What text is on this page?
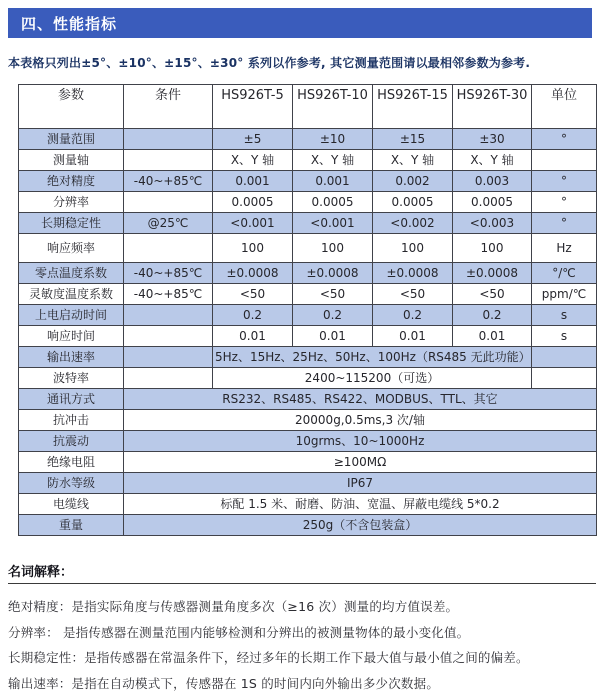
四、性能指标
本表格只列出±5°、±10°、±15°、±30° 系列以作参考, 其它测量范围请以最相邻参数为参考.
参数	条件	HS926T-5	HS926T-10	HS926T-15	HS926T-30	单位
测量范围		±5	±10	±15	±30	°
测量轴		X、Y 轴	X、Y 轴	X、Y 轴	X、Y 轴	
绝对精度	-40~+85℃	0.001	0.001	0.002	0.003	°
分辨率		0.0005	0.0005	0.0005	0.0005	°
长期稳定性	@25℃	<0.001	<0.001	<0.002	<0.003	°
响应频率		100	100	100	100	Hz
零点温度系数	-40~+85℃	±0.0008	±0.0008	±0.0008	±0.0008	°/℃
灵敏度温度系数	-40~+85℃	<50	<50	<50	<50	ppm/℃
上电启动时间		0.2	0.2	0.2	0.2	s
响应时间		0.01	0.01	0.01	0.01	s
输出速率		5Hz、15Hz、25Hz、50Hz、100Hz（RS485 无此功能）				
波特率		2400~115200（可选）				
通讯方式	RS232、RS485、RS422、MODBUS、TTL、其它					
抗冲击	20000g,0.5ms,3 次/轴					
抗震动	10grms、10~1000Hz					
绝缘电阻	≥100MΩ					
防水等级	IP67					
电缆线	标配 1.5 米、耐磨、防油、宽温、屏蔽电缆线 5*0.2					
重量	250g（不含包装盒）					
名词解释：
绝对精度：是指实际角度与传感器测量角度多次（≥16 次）测量的均方值误差。
分辨率： 是指传感器在测量范围内能够检测和分辨出的被测量物体的最小变化值。
长期稳定性：是指传感器在常温条件下，经过多年的长期工作下最大值与最小值之间的偏差。
输出速率：是指在自动模式下，传感器在 1S 的时间内向外输出多少次数据。
